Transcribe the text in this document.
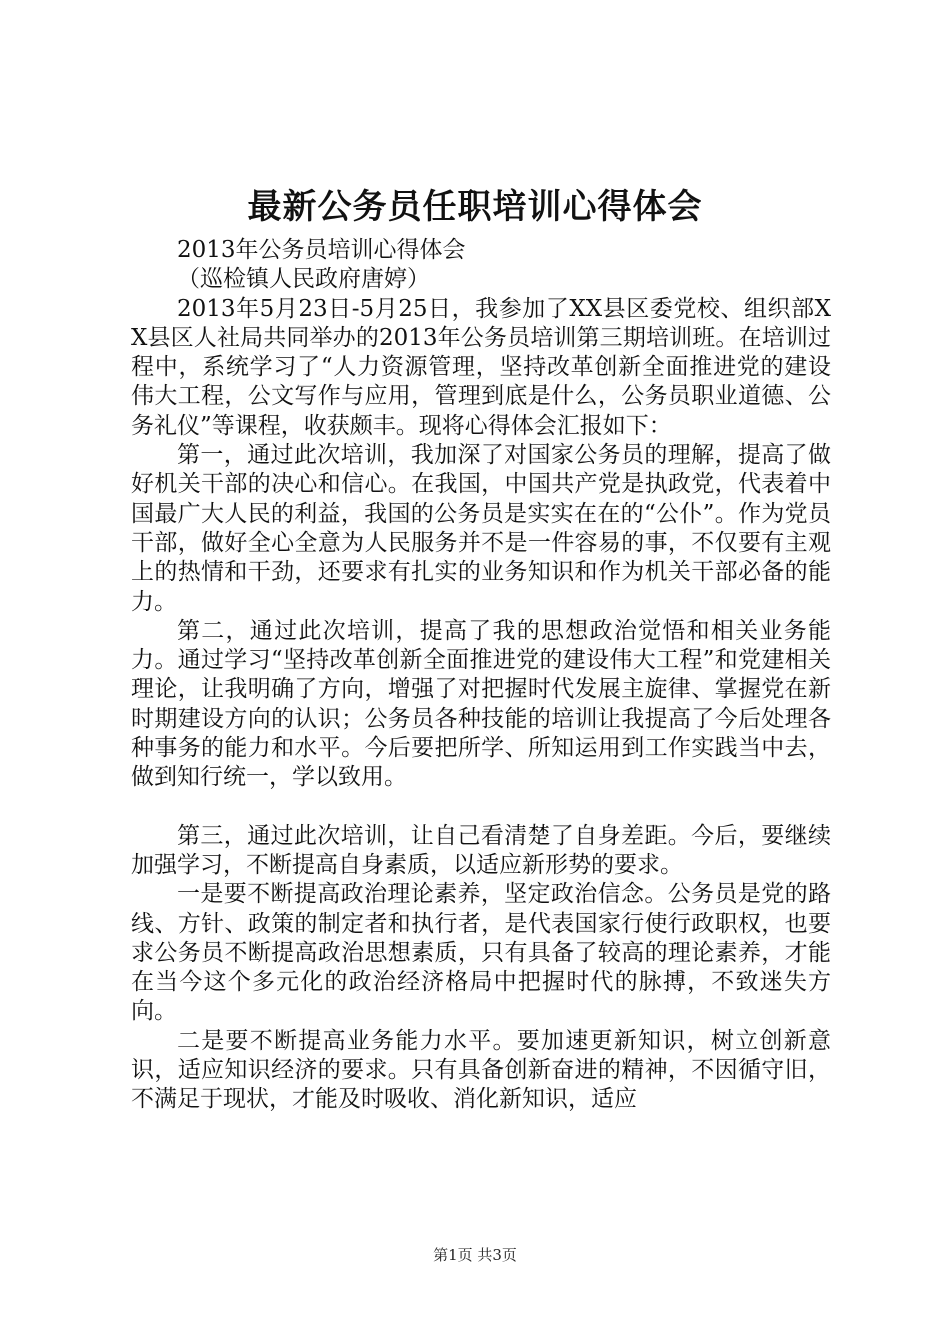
最新公务员任职培训心得体会

2013年公务员培训心得体会

（巡检镇人民政府唐婷）

2013年5月23日-5月25日，我参加了XX县区委党校、组织部XX县区人社局共同举办的2013年公务员培训第三期培训班。在培训过程中，系统学习了“人力资源管理，坚持改革创新全面推进党的建设伟大工程，公文写作与应用，管理到底是什么，公务员职业道德、公务礼仪”等课程，收获颇丰。现将心得体会汇报如下：

第一，通过此次培训，我加深了对国家公务员的理解，提高了做好机关干部的决心和信心。在我国，中国共产党是执政党，代表着中国最广大人民的利益，我国的公务员是实实在在的“公仆”。作为党员干部，做好全心全意为人民服务并不是一件容易的事，不仅要有主观上的热情和干劲，还要求有扎实的业务知识和作为机关干部必备的能力。

第二，通过此次培训，提高了我的思想政治觉悟和相关业务能力。通过学习“坚持改革创新全面推进党的建设伟大工程”和党建相关理论，让我明确了方向，增强了对把握时代发展主旋律、掌握党在新时期建设方向的认识；公务员各种技能的培训让我提高了今后处理各种事务的能力和水平。今后要把所学、所知运用到工作实践当中去，做到知行统一，学以致用。

第三，通过此次培训，让自己看清楚了自身差距。今后，要继续加强学习，不断提高自身素质，以适应新形势的要求。

一是要不断提高政治理论素养，坚定政治信念。公务员是党的路线、方针、政策的制定者和执行者，是代表国家行使行政职权，也要求公务员不断提高政治思想素质，只有具备了较高的理论素养，才能在当今这个多元化的政治经济格局中把握时代的脉搏，不致迷失方向。

二是要不断提高业务能力水平。要加速更新知识，树立创新意识，适应知识经济的要求。只有具备创新奋进的精神，不因循守旧，不满足于现状，才能及时吸收、消化新知识，适应

第1页 共3页
